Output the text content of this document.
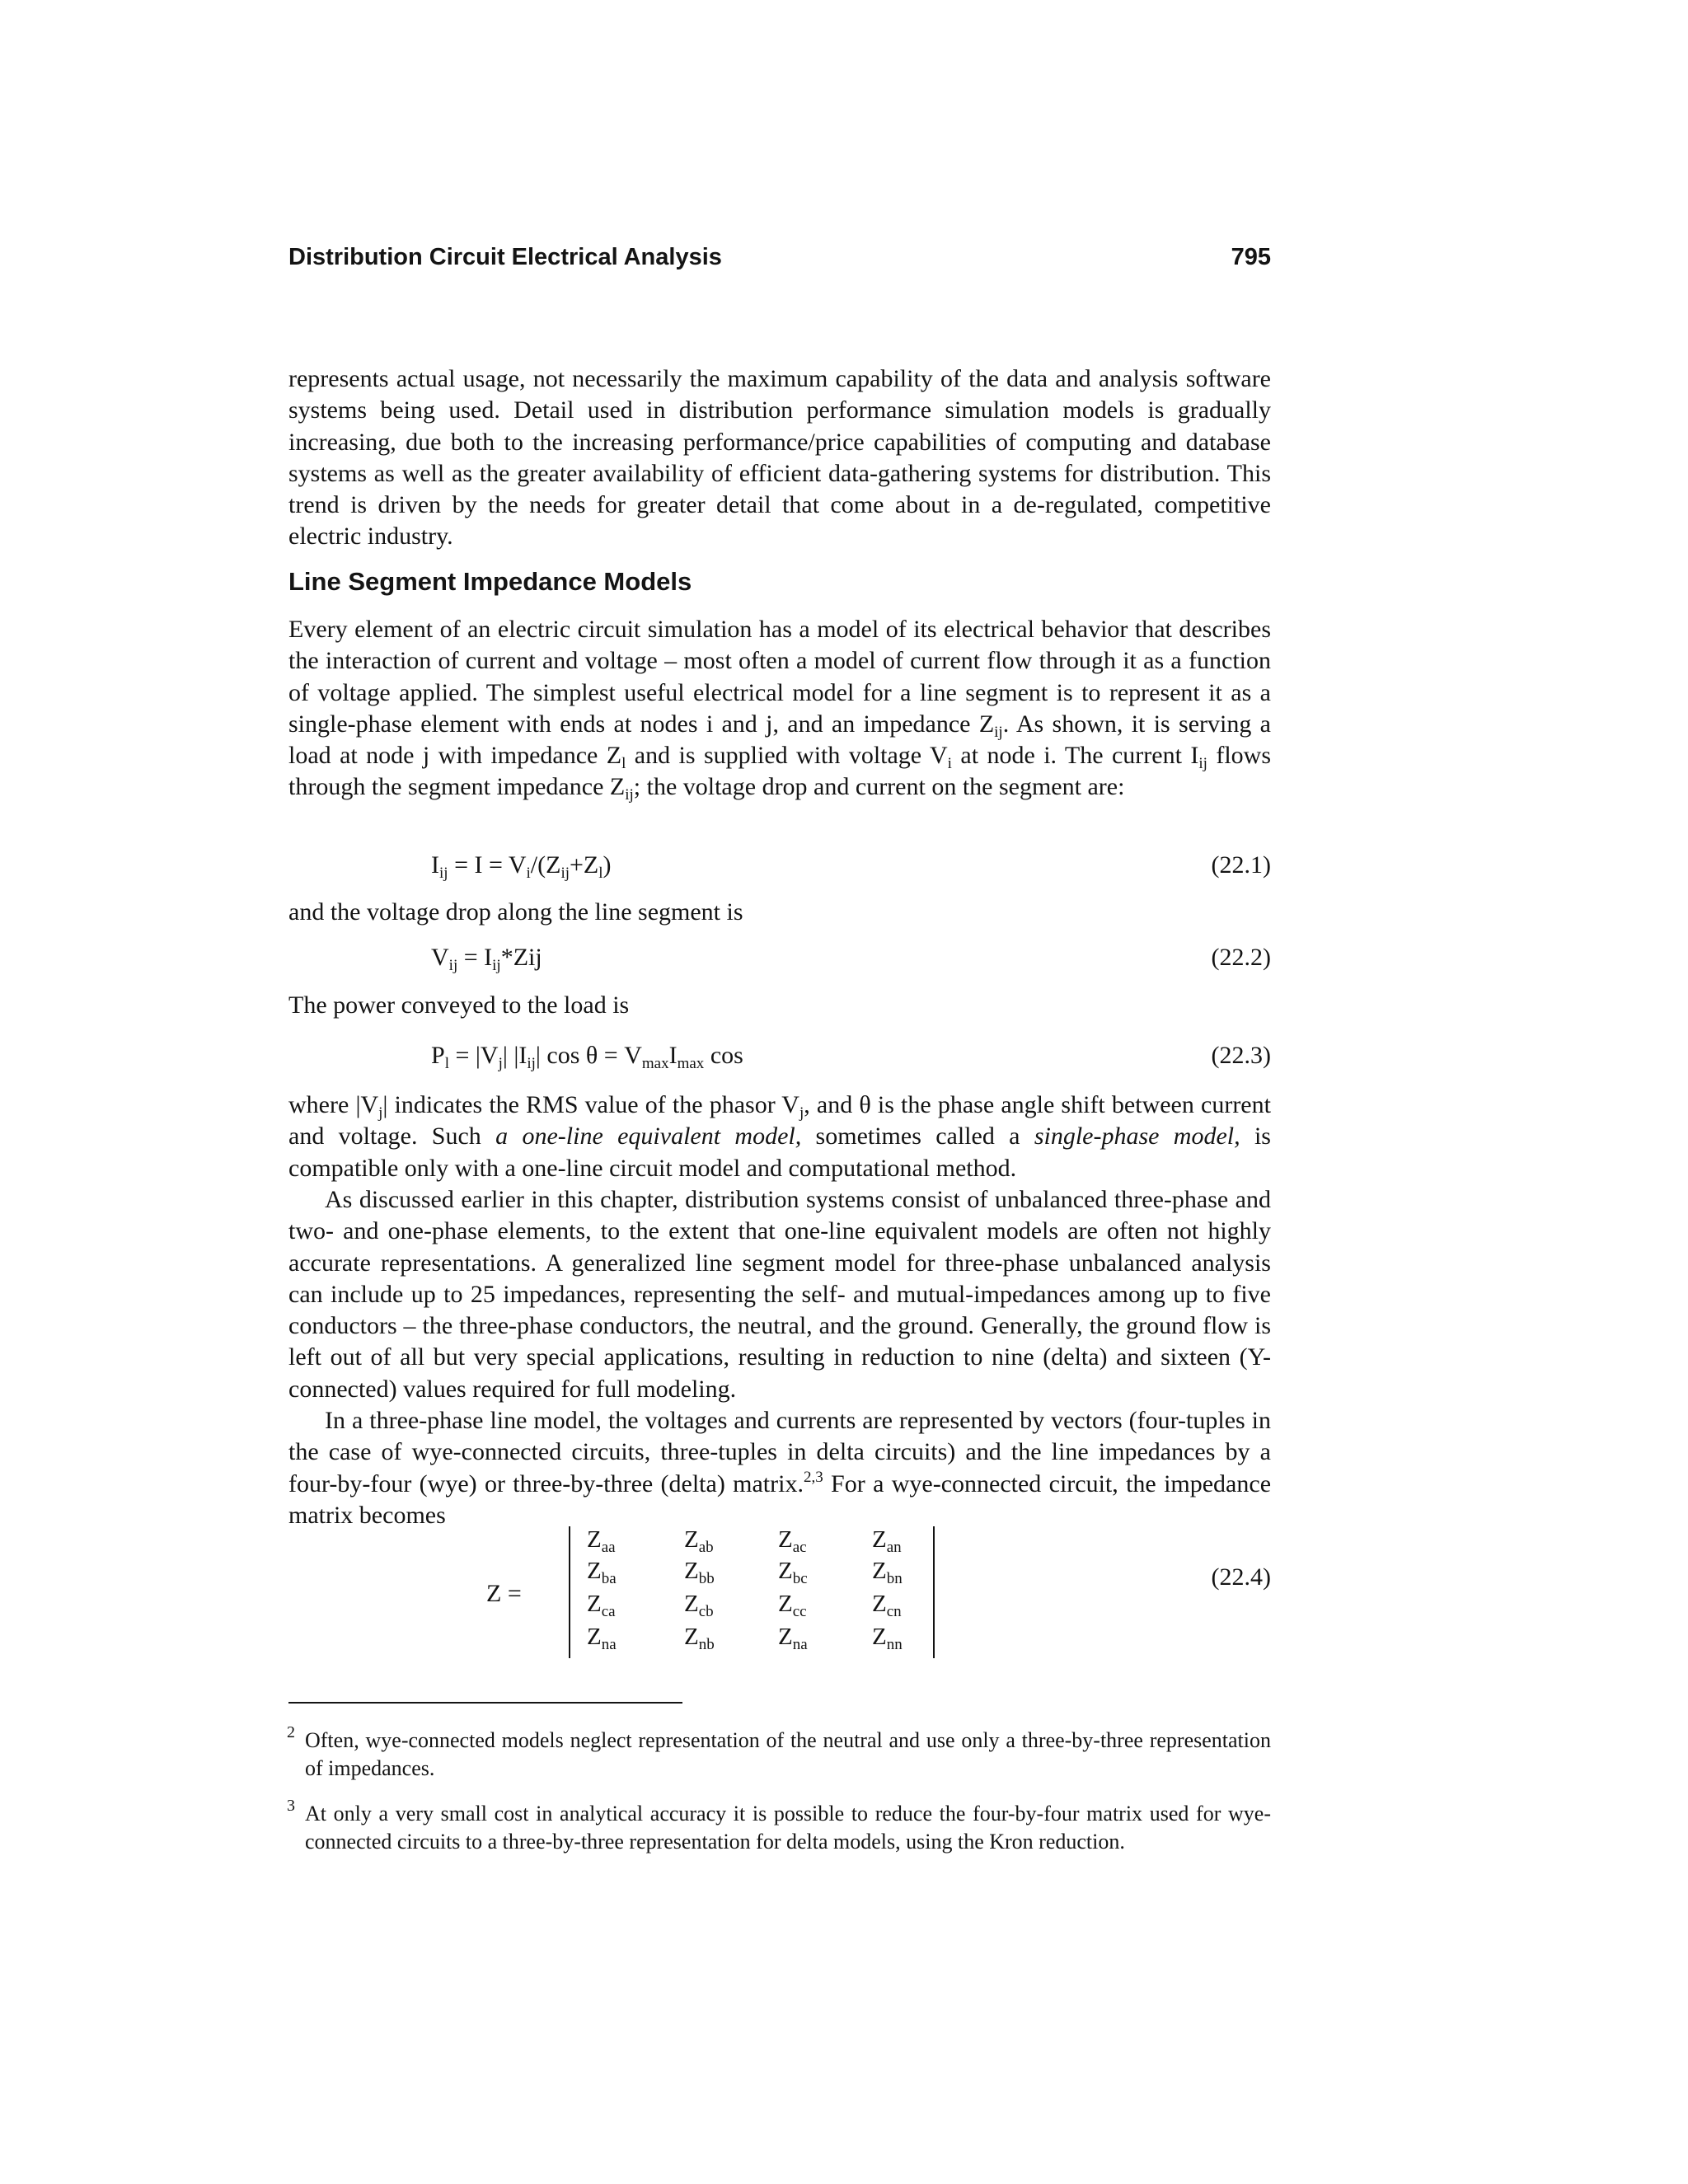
Distribution Circuit Electrical Analysis	795

represents actual usage, not necessarily the maximum capability of the data and analysis software systems being used. Detail used in distribution performance simulation models is gradually increasing, due both to the increasing performance/price capabilities of computing and database systems as well as the greater availability of efficient data-gathering systems for distribution. This trend is driven by the needs for greater detail that come about in a de-regulated, competitive electric industry.

Line Segment Impedance Models

Every element of an electric circuit simulation has a model of its electrical behavior that describes the interaction of current and voltage – most often a model of current flow through it as a function of voltage applied. The simplest useful electrical model for a line segment is to represent it as a single-phase element with ends at nodes i and j, and an impedance $Z_{ij}$. As shown, it is serving a load at node j with impedance $Z_l$ and is supplied with voltage $V_i$ at node i. The current $I_{ij}$ flows through the segment impedance $Z_{ij}$; the voltage drop and current on the segment are:

$I_{ij} = I = V_i/(Z_{ij}+Z_l)$	(22.1)

and the voltage drop along the line segment is

$V_{ij} = I_{ij}*Zij$	(22.2)

The power conveyed to the load is

$P_l = |V_j|$ $|I_{ij}|$ $\cos \theta = V_{max}I_{max}$ cos	(22.3)

where $|V_j|$ indicates the RMS value of the phasor $V_j$, and θ is the phase angle shift between current and voltage. Such a one-line equivalent model, sometimes called a single-phase model, is compatible only with a one-line circuit model and computational method.

As discussed earlier in this chapter, distribution systems consist of unbalanced three-phase and two- and one-phase elements, to the extent that one-line equivalent models are often not highly accurate representations. A generalized line segment model for three-phase unbalanced analysis can include up to 25 impedances, representing the self- and mutual-impedances among up to five conductors – the three-phase conductors, the neutral, and the ground. Generally, the ground flow is left out of all but very special applications, resulting in reduction to nine (delta) and sixteen (Y-connected) values required for full modeling.

In a three-phase line model, the voltages and currents are represented by vectors (four-tuples in the case of wye-connected circuits, three-tuples in delta circuits) and the line impedances by a four-by-four (wye) or three-by-three (delta) matrix.$^{2,3}$ For a wye-connected circuit, the impedance matrix becomes

Z =
$Z_{aa}$	$Z_{ab}$	$Z_{ac}$	$Z_{an}$
$Z_{ba}$	$Z_{bb}$	$Z_{bc}$	$Z_{bn}$
$Z_{ca}$	$Z_{cb}$	$Z_{cc}$	$Z_{cn}$
$Z_{na}$	$Z_{nb}$	$Z_{na}$	$Z_{nn}$
(22.4)

2 Often, wye-connected models neglect representation of the neutral and use only a three-by-three representation of impedances.

3 At only a very small cost in analytical accuracy it is possible to reduce the four-by-four matrix used for wye-connected circuits to a three-by-three representation for delta models, using the Kron reduction.
